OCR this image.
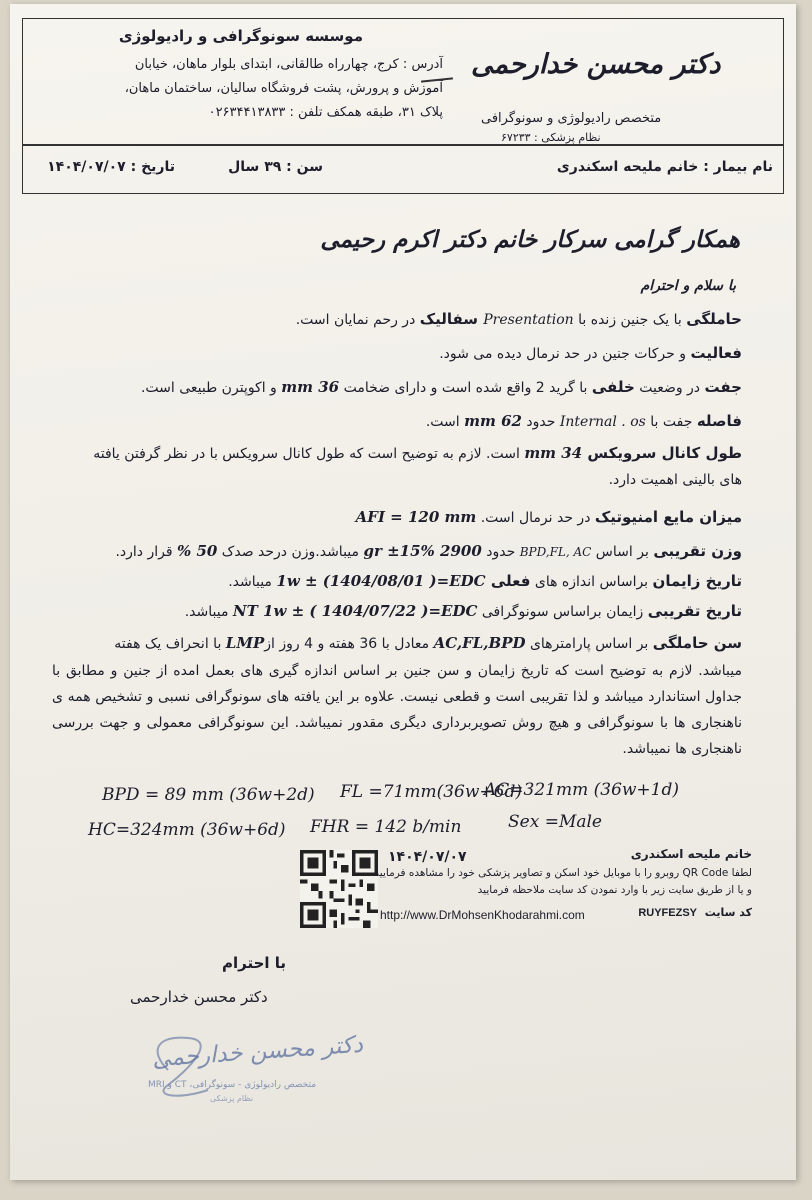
موسسه سونوگرافی و رادیولوژی
آدرس : کرج، چهارراه طالقانی، ابتدای بلوار ماهان، خیابان
آموزش و پرورش، پشت فروشگاه سالیان، ساختمان ماهان،
پلاک ۳۱، طبقه همکف تلفن : ۰۲۶۳۴۴۱۳۸۳۳
دکتر محسن خدارحمی
متخصص رادیولوژی و سونوگرافی
نظام پزشکی : ۶۷۲۳۳
نام بیمار : خانم ملیحه اسکندری
سن : ۳۹ سال
تاریخ : ۱۴۰۴/۰۷/۰۷
همکار گرامی سرکار خانم دکتر اکرم رحیمی
با سلام و احترام
حاملگی با یک جنین زنده با Presentation سفالیک در رحم نمایان است.
فعالیت و حرکات جنین در حد نرمال دیده می شود.
جفت در وضعیت خلفی با گرید 2 واقع شده است و دارای ضخامت 36 mm و اکوپترن طبیعی است.
فاصله جفت با Internal . os حدود 62 mm است.
طول کانال سرویکس 34 mm است. لازم به توضیح است که طول کانال سرویکس با در نظر گرفتن یافته
های بالینی اهمیت دارد.
میزان مایع امنیوتیک در حد نرمال است. AFI = 120 mm
وزن تقریبی بر اساس BPD,FL, AC حدود 2900 gr ±15% میباشد.وزن درحد صدک 50 % قرار دارد.
تاریخ زایمان براساس اندازه های فعلی 1w ± (1404/08/01 )=EDC میباشد.
تاریخ تقریبی زایمان براساس سونوگرافی NT 1w ± ( 1404/07/22 )=EDC میباشد.
سن حاملگی بر اساس پارامترهای AC,FL,BPD معادل با 36 هفته و 4 روز ازLMP با انحراف یک هفته
میباشد. لازم به توضیح است که تاریخ زایمان و سن جنین بر اساس اندازه گیری های بعمل امده از جنین و مطابق با جداول استاندارد میباشد و لذا تقریبی است و قطعی نیست. علاوه بر این یافته های سونوگرافی نسبی و تشخیص همه ی ناهنجاری ها با سونوگرافی و هیچ روش تصویربرداری دیگری مقدور نمیباشد. این سونوگرافی معمولی و جهت بررسی ناهنجاری ها نمیباشد.
BPD = 89 mm (36w+2d) FL =71mm(36w+6d)
AC=321mm (36w+1d)
HC=324mm (36w+6d) FHR = 142 b/min	Sex =Male
۱۴۰۴/۰۷/۰۷	خانم ملیحه اسکندری
لطفا QR Code روبرو را با موبایل خود اسکن و تصاویر پزشکی خود را مشاهده فرمایید
و یا از طریق سایت زیر با وارد نمودن کد سایت ملاحظه فرمایید
کد سایت  RUYFEZSY
http://www.DrMohsenKhodarahmi.com
با احترام
دکتر محسن خدارحمی
دکتر محسن خدارحمی
متخصص رادیولوژی - سونوگرافی، CT و MRI
نظام پزشکی
